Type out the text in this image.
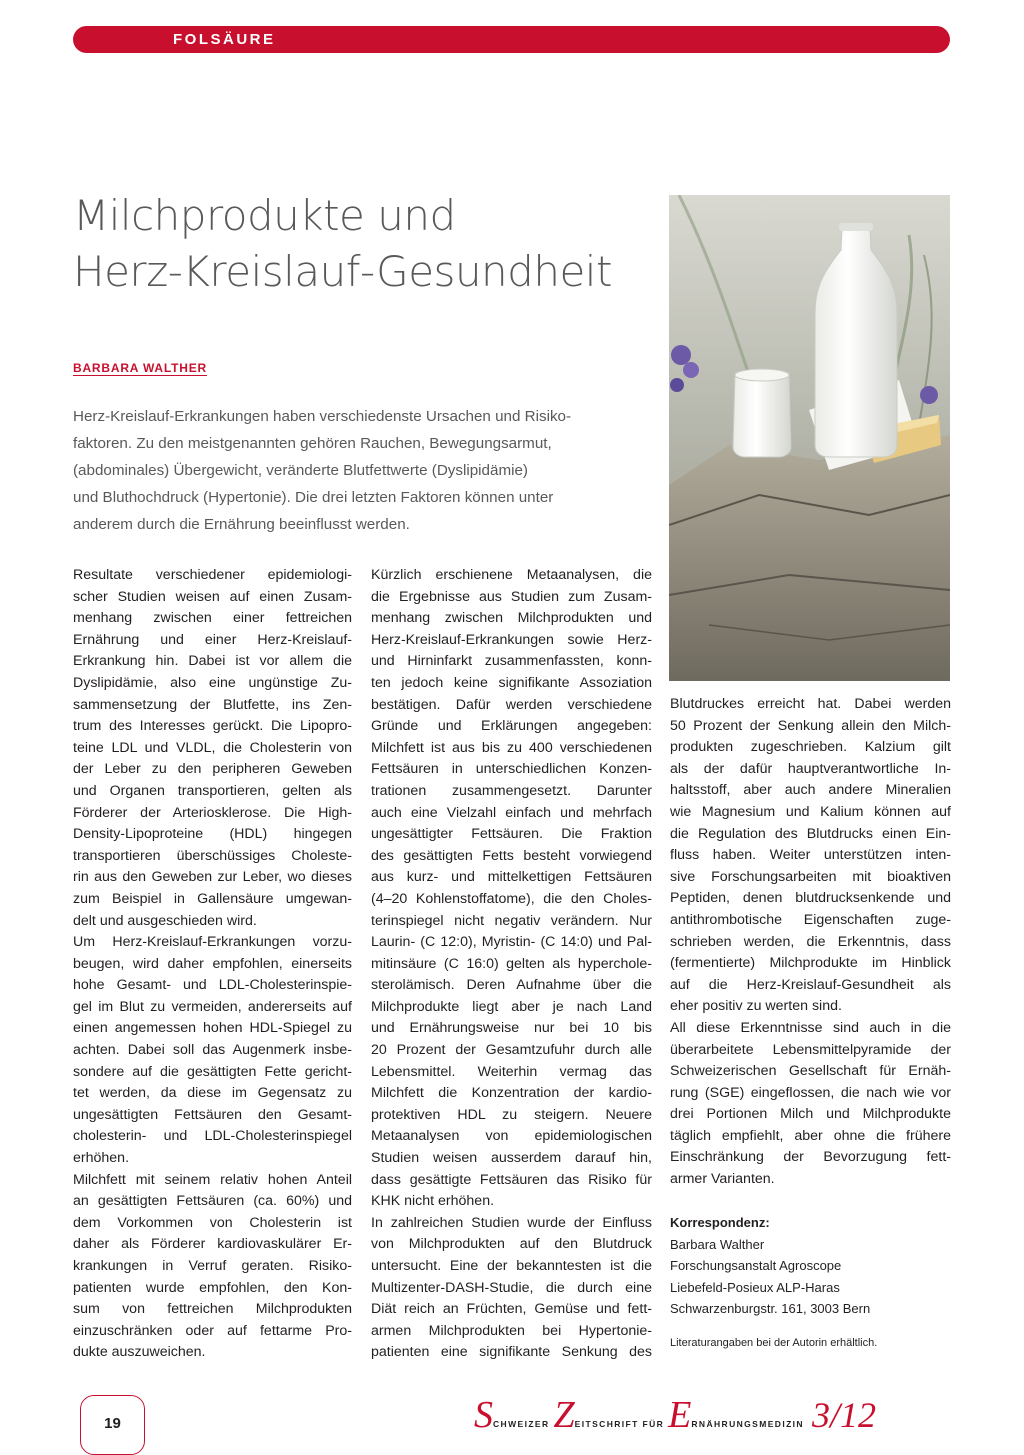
FOLSÄURE
Milchprodukte und
Herz-Kreislauf-Gesundheit
BARBARA WALTHER
Herz-Kreislauf-Erkrankungen haben verschiedenste Ursachen und Risiko-
faktoren. Zu den meistgenannten gehören Rauchen, Bewegungsarmut,
(abdominales) Übergewicht, veränderte Blutfettwerte (Dyslipidämie)
und Bluthochdruck (Hypertonie). Die drei letzten Faktoren können unter
anderem durch die Ernährung beeinflusst werden.
Resultate verschiedener epidemiologi-
scher Studien weisen auf einen Zusam-
menhang zwischen einer fettreichen
Ernährung und einer Herz-Kreislauf-
Erkrankung hin. Dabei ist vor allem die
Dyslipidämie, also eine ungünstige Zu-
sammensetzung der Blutfette, ins Zen-
trum des Interesses gerückt. Die Lipopro-
teine LDL und VLDL, die Cholesterin von
der Leber zu den peripheren Geweben
und Organen transportieren, gelten als
Förderer der Arteriosklerose. Die High-
Density-Lipoproteine (HDL) hingegen
transportieren überschüssiges Choleste-
rin aus den Geweben zur Leber, wo dieses
zum Beispiel in Gallensäure umgewan-
delt und ausgeschieden wird.
Um Herz-Kreislauf-Erkrankungen vorzu-
beugen, wird daher empfohlen, einerseits
hohe Gesamt- und LDL-Cholesterinspie-
gel im Blut zu vermeiden, andererseits auf
einen angemessen hohen HDL-Spiegel zu
achten. Dabei soll das Augenmerk insbe-
sondere auf die gesättigten Fette gericht-
tet werden, da diese im Gegensatz zu
ungesättigten Fettsäuren den Gesamt-
cholesterin- und LDL-Cholesterinspiegel
erhöhen.
Milchfett mit seinem relativ hohen Anteil
an gesättigten Fettsäuren (ca. 60%) und
dem Vorkommen von Cholesterin ist
daher als Förderer kardiovaskulärer Er-
krankungen in Verruf geraten. Risiko-
patienten wurde empfohlen, den Kon-
sum von fettreichen Milchprodukten
einzuschränken oder auf fettarme Pro-
dukte auszuweichen.
Kürzlich erschienene Metaanalysen, die
die Ergebnisse aus Studien zum Zusam-
menhang zwischen Milchprodukten und
Herz-Kreislauf-Erkrankungen sowie Herz-
und Hirninfarkt zusammenfassten, konn-
ten jedoch keine signifikante Assoziation
bestätigen. Dafür werden verschiedene
Gründe und Erklärungen angegeben:
Milchfett ist aus bis zu 400 verschiedenen
Fettsäuren in unterschiedlichen Konzen-
trationen zusammengesetzt. Darunter
auch eine Vielzahl einfach und mehrfach
ungesättigter Fettsäuren. Die Fraktion
des gesättigten Fetts besteht vorwiegend
aus kurz- und mittelkettigen Fettsäuren
(4–20 Kohlenstoffatome), die den Choles-
terinspiegel nicht negativ verändern. Nur
Laurin- (C 12:0), Myristin- (C 14:0) und Pal-
mitinsäure (C 16:0) gelten als hypercholе-
sterolämisch. Deren Aufnahme über die
Milchprodukte liegt aber je nach Land
und Ernährungsweise nur bei 10 bis
20 Prozent der Gesamtzufuhr durch alle
Lebensmittel. Weiterhin vermag das
Milchfett die Konzentration der kardio-
protektiven HDL zu steigern. Neuere
Metaanalysen von epidemiologischen
Studien weisen ausserdem darauf hin,
dass gesättigte Fettsäuren das Risiko für
KHK nicht erhöhen.
In zahlreichen Studien wurde der Einfluss
von Milchprodukten auf den Blutdruck
untersucht. Eine der bekanntesten ist die
Multizenter-DASH-Studie, die durch eine
Diät reich an Früchten, Gemüse und fett-
armen Milchprodukten bei Hypertonie-
patienten eine signifikante Senkung des
Blutdruckes erreicht hat. Dabei werden
50 Prozent der Senkung allein den Milch-
produkten zugeschrieben. Kalzium gilt
als der dafür hauptverantwortliche In-
haltsstoff, aber auch andere Mineralien
wie Magnesium und Kalium können auf
die Regulation des Blutdrucks einen Ein-
fluss haben. Weiter unterstützen inten-
sive Forschungsarbeiten mit bioaktiven
Peptiden, denen blutdrucksenkende und
antithrombotische Eigenschaften zuge-
schrieben werden, die Erkenntnis, dass
(fermentierte) Milchprodukte im Hinblick
auf die Herz-Kreislauf-Gesundheit als
eher positiv zu werten sind.
All diese Erkenntnisse sind auch in die
überarbeitete Lebensmittelpyramide der
Schweizerischen Gesellschaft für Ernäh-
rung (SGE) eingeflossen, die nach wie vor
drei Portionen Milch und Milchprodukte
täglich empfiehlt, aber ohne die frühere
Einschränkung der Bevorzugung fett-
armer Varianten.
Korrespondenz:
Barbara Walther
Forschungsanstalt Agroscope
Liebefeld-Posieux ALP-Haras
Schwarzenburgstr. 161, 3003 Bern
Literaturangaben bei der Autorin erhältlich.
19	SCHWEIZER ZEITSCHRIFT FÜR ERNÄHRUNGSMEDIZIN 3/12
